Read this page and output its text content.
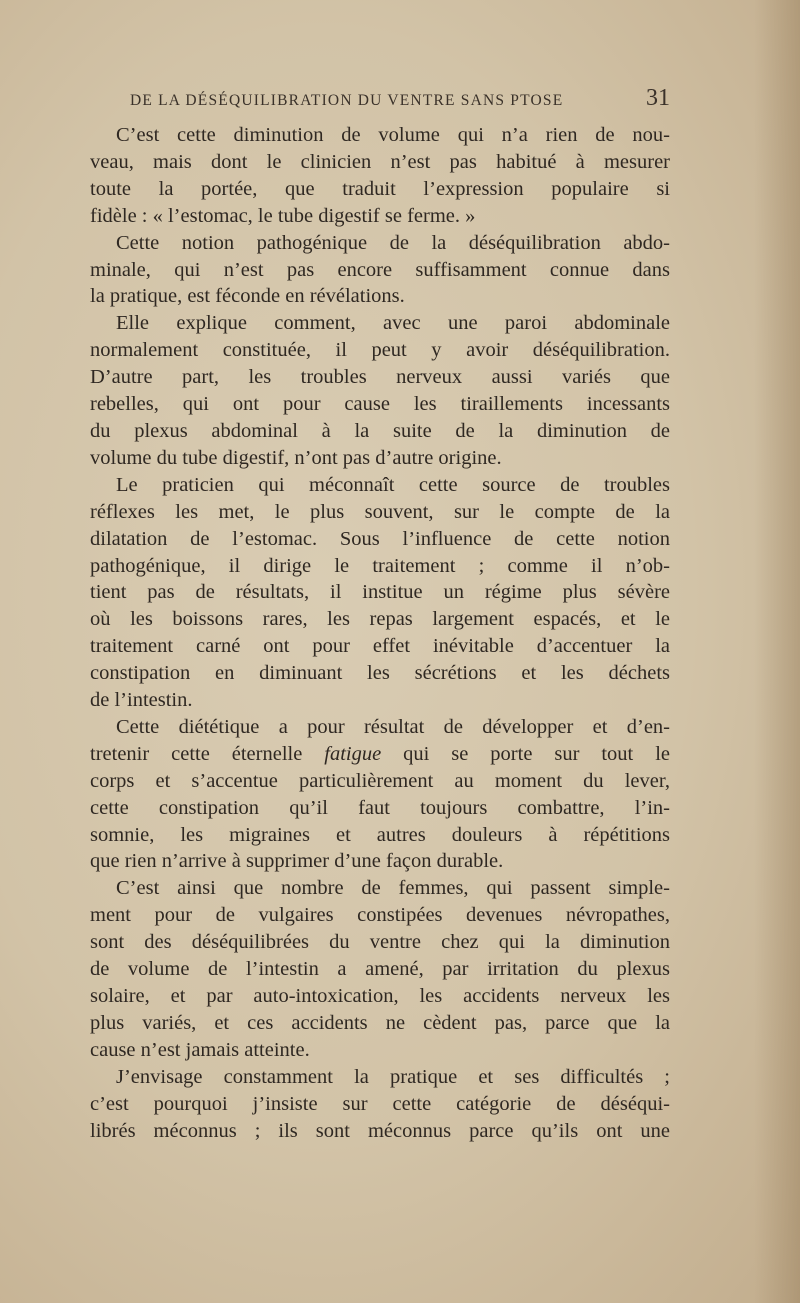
DE LA DÉSÉQUILIBRATION DU VENTRE SANS PTOSE	31
C’est cette diminution de volume qui n’a rien de nou-
veau, mais dont le clinicien n’est pas habitué à mesurer
toute la portée, que traduit l’expression populaire si
fidèle : « l’estomac, le tube digestif se ferme. »
Cette notion pathogénique de la déséquilibration abdo-
minale, qui n’est pas encore suffisamment connue dans
la pratique, est féconde en révélations.
Elle explique comment, avec une paroi abdominale
normalement constituée, il peut y avoir déséquilibration.
D’autre part, les troubles nerveux aussi variés que
rebelles, qui ont pour cause les tiraillements incessants
du plexus abdominal à la suite de la diminution de
volume du tube digestif, n’ont pas d’autre origine.
Le praticien qui méconnaît cette source de troubles
réflexes les met, le plus souvent, sur le compte de la
dilatation de l’estomac. Sous l’influence de cette notion
pathogénique, il dirige le traitement ; comme il n’ob-
tient pas de résultats, il institue un régime plus sévère
où les boissons rares, les repas largement espacés, et le
traitement carné ont pour effet inévitable d’accentuer la
constipation en diminuant les sécrétions et les déchets
de l’intestin.
Cette diététique a pour résultat de développer et d’en-
tretenir cette éternelle fatigue qui se porte sur tout le
corps et s’accentue particulièrement au moment du lever,
cette constipation qu’il faut toujours combattre, l’in-
somnie, les migraines et autres douleurs à répétitions
que rien n’arrive à supprimer d’une façon durable.
C’est ainsi que nombre de femmes, qui passent simple-
ment pour de vulgaires constipées devenues névropathes,
sont des déséquilibrées du ventre chez qui la diminution
de volume de l’intestin a amené, par irritation du plexus
solaire, et par auto-intoxication, les accidents nerveux les
plus variés, et ces accidents ne cèdent pas, parce que la
cause n’est jamais atteinte.
J’envisage constamment la pratique et ses difficultés ;
c’est pourquoi j’insiste sur cette catégorie de déséqui-
librés méconnus ; ils sont méconnus parce qu’ils ont une
